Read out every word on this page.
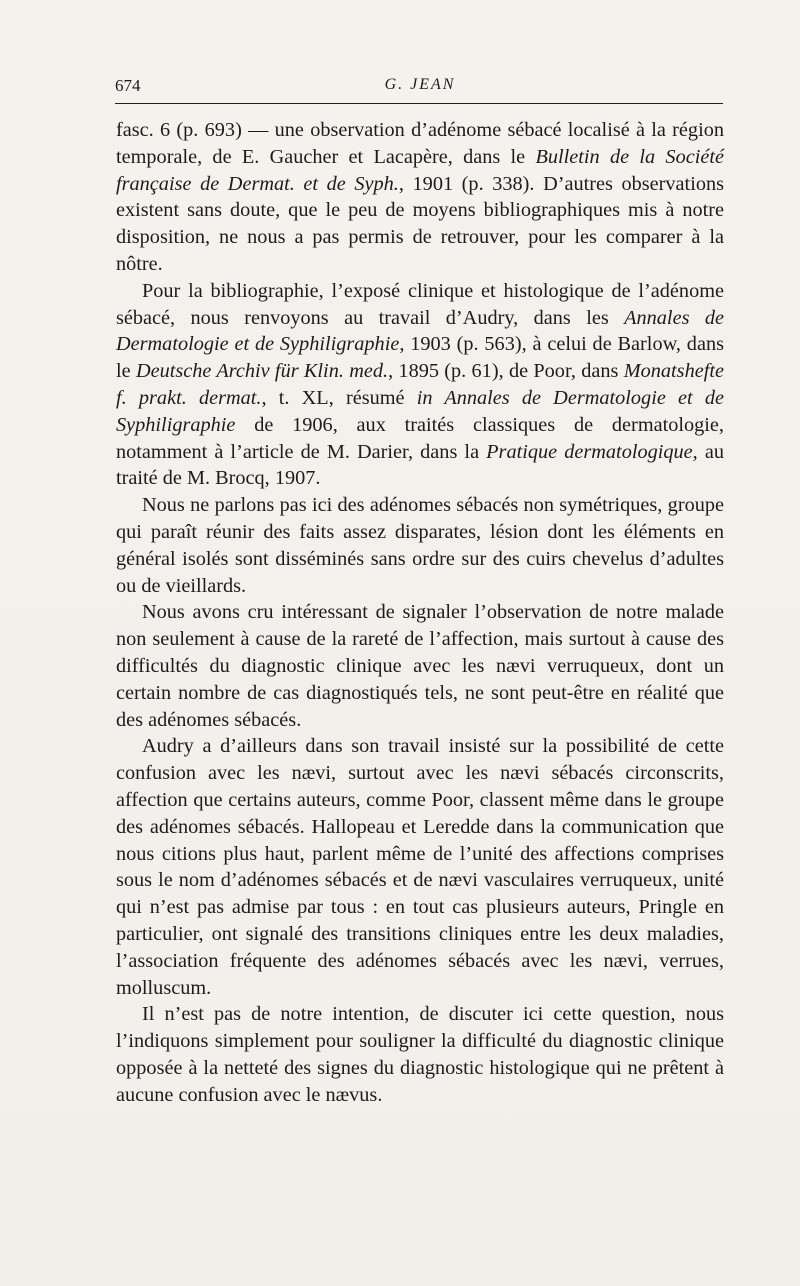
674	G. JEAN

fasc. 6 (p. 693) — une observation d’adénome sébacé localisé à la région temporale, de E. Gaucher et Lacapère, dans le Bulletin de la Société française de Dermat. et de Syph., 1901 (p. 338). D’autres observations existent sans doute, que le peu de moyens bibliographiques mis à notre disposition, ne nous a pas permis de retrouver, pour les comparer à la nôtre.

Pour la bibliographie, l’exposé clinique et histologique de l’adénome sébacé, nous renvoyons au travail d’Audry, dans les Annales de Dermatologie et de Syphiligraphie, 1903 (p. 563), à celui de Barlow, dans le Deutsche Archiv für Klin. med., 1895 (p. 61), de Poor, dans Monatshefte f. prakt. dermat., t. XL, résumé in Annales de Dermatologie et de Syphiligraphie de 1906, aux traités classiques de dermatologie, notamment à l’article de M. Darier, dans la Pratique dermatologique, au traité de M. Brocq, 1907.

Nous ne parlons pas ici des adénomes sébacés non symétriques, groupe qui paraît réunir des faits assez disparates, lésion dont les éléments en général isolés sont disséminés sans ordre sur des cuirs chevelus d’adultes ou de vieillards.

Nous avons cru intéressant de signaler l’observation de notre malade non seulement à cause de la rareté de l’affection, mais surtout à cause des difficultés du diagnostic clinique avec les nævi verruqueux, dont un certain nombre de cas diagnostiqués tels, ne sont peut-être en réalité que des adénomes sébacés.

Audry a d’ailleurs dans son travail insisté sur la possibilité de cette confusion avec les nævi, surtout avec les nævi sébacés circonscrits, affection que certains auteurs, comme Poor, classent même dans le groupe des adénomes sébacés. Hallopeau et Leredde dans la communication que nous citions plus haut, parlent même de l’unité des affections comprises sous le nom d’adénomes sébacés et de nævi vasculaires verruqueux, unité qui n’est pas admise par tous : en tout cas plusieurs auteurs, Pringle en particulier, ont signalé des transitions cliniques entre les deux maladies, l’association fréquente des adénomes sébacés avec les nævi, verrues, molluscum.

Il n’est pas de notre intention, de discuter ici cette question, nous l’indiquons simplement pour souligner la difficulté du diagnostic clinique opposée à la netteté des signes du diagnostic histologique qui ne prêtent à aucune confusion avec le nævus.
